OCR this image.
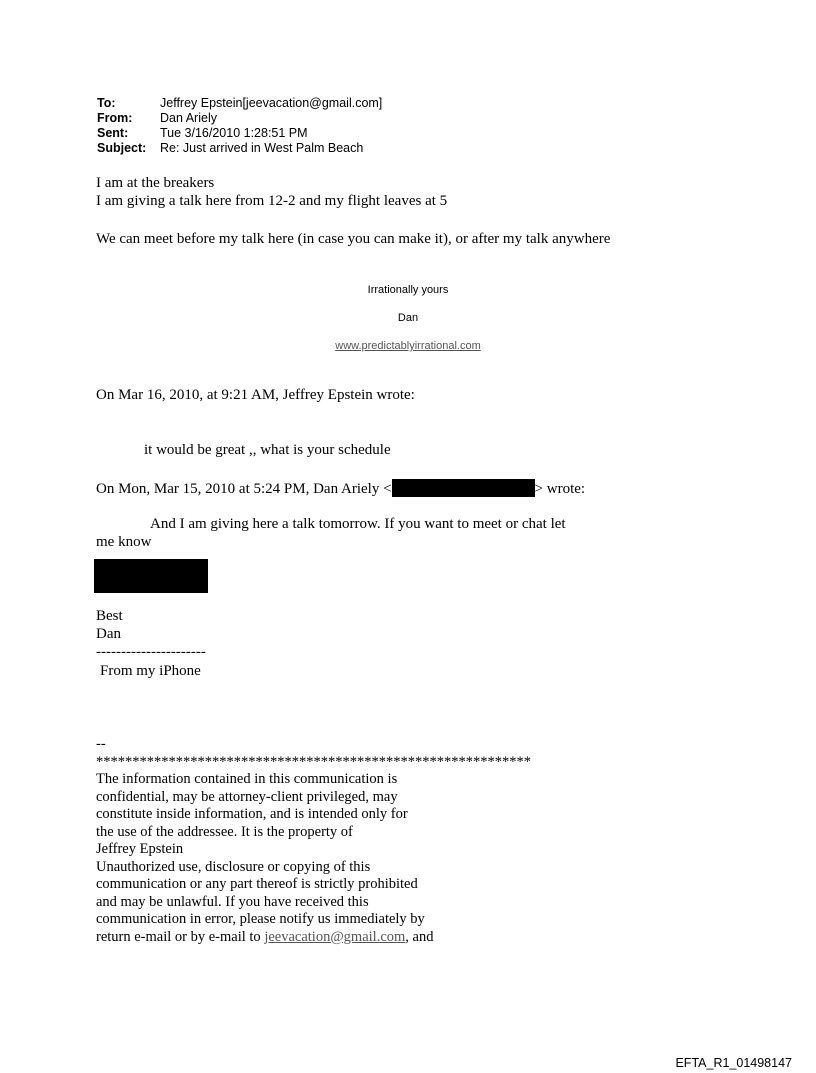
To:	Jeffrey Epstein[jeevacation@gmail.com]
From: Dan Ariely
Sent:	Tue 3/16/2010 1:28:51 PM
Subject: Re: Just arrived in West Palm Beach
I am at the breakers
I am giving a talk here from 12-2 and my flight leaves at 5
We can meet before my talk here (in case you can make it), or after my talk anywhere
Irrationally yours
Dan
www.predictablyirrational.com
On Mar 16, 2010, at 9:21 AM, Jeffrey Epstein wrote:
it would be great ,, what is your schedule
On Mon, Mar 15, 2010 at 5:24 PM, Dan Ariely <	> wrote:
And I am giving here a talk tomorrow. If you want to meet or chat let
me know
Best
Dan
----------------------
From my iPhone
--
************************************************************
The information contained in this communication is
confidential, may be attorney-client privileged, may
constitute inside information, and is intended only for
the use of the addressee. It is the property of
Jeffrey Epstein
Unauthorized use, disclosure or copying of this
communication or any part thereof is strictly prohibited
and may be unlawful. If you have received this
communication in error, please notify us immediately by
return e-mail or by e-mail to jeevacation@gmail.com, and
EFTA_R1_01498147
